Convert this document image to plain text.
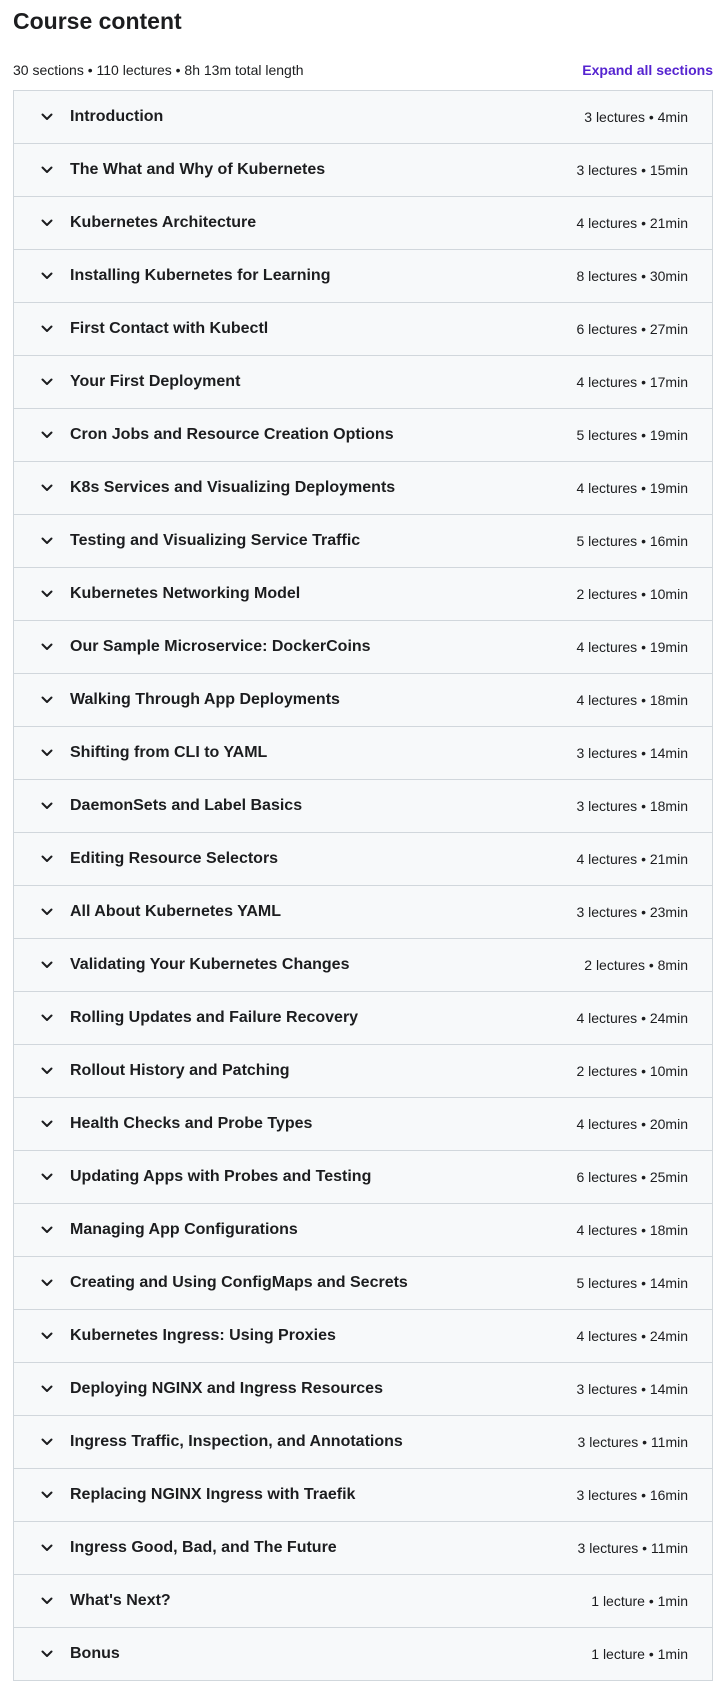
Course content
30 sections • 110 lectures • 8h 13m total length	Expand all sections
Introduction	3 lectures • 4min
The What and Why of Kubernetes	3 lectures • 15min
Kubernetes Architecture	4 lectures • 21min
Installing Kubernetes for Learning	8 lectures • 30min
First Contact with Kubectl	6 lectures • 27min
Your First Deployment	4 lectures • 17min
Cron Jobs and Resource Creation Options	5 lectures • 19min
K8s Services and Visualizing Deployments	4 lectures • 19min
Testing and Visualizing Service Traffic	5 lectures • 16min
Kubernetes Networking Model	2 lectures • 10min
Our Sample Microservice: DockerCoins	4 lectures • 19min
Walking Through App Deployments	4 lectures • 18min
Shifting from CLI to YAML	3 lectures • 14min
DaemonSets and Label Basics	3 lectures • 18min
Editing Resource Selectors	4 lectures • 21min
All About Kubernetes YAML	3 lectures • 23min
Validating Your Kubernetes Changes	2 lectures • 8min
Rolling Updates and Failure Recovery	4 lectures • 24min
Rollout History and Patching	2 lectures • 10min
Health Checks and Probe Types	4 lectures • 20min
Updating Apps with Probes and Testing	6 lectures • 25min
Managing App Configurations	4 lectures • 18min
Creating and Using ConfigMaps and Secrets	5 lectures • 14min
Kubernetes Ingress: Using Proxies	4 lectures • 24min
Deploying NGINX and Ingress Resources	3 lectures • 14min
Ingress Traffic, Inspection, and Annotations	3 lectures • 11min
Replacing NGINX Ingress with Traefik	3 lectures • 16min
Ingress Good, Bad, and The Future	3 lectures • 11min
What's Next?	1 lecture • 1min
Bonus	1 lecture • 1min
